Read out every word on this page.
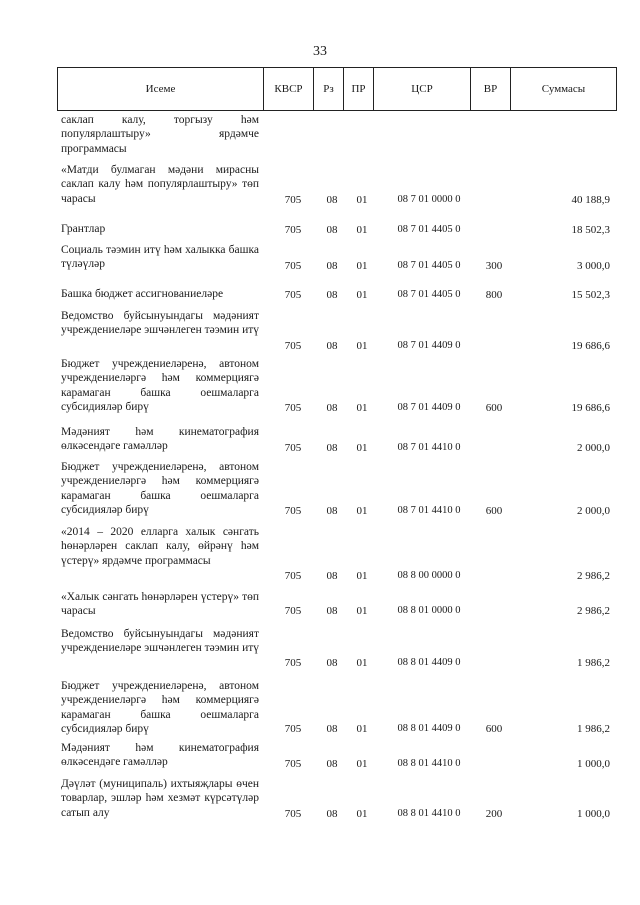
33
Исеме	КВСР	Рз	ПР	ЦСР	ВР	Суммасы
саклап калу, торгызу һәм популярлаштыру» ярдәмче программасы
«Матди булмаган мәдәни мирасны саклап калу һәм популярлаштыру» төп чарасы	705	08	01	08 7 01 0000 0	40 188,9
Грантлар	705	08	01	08 7 01 4405 0	18 502,3
Социаль тәэмин итү һәм халыкка башка түләүләр	705	08	01	08 7 01 4405 0	300	3 000,0
Башка бюджет ассигнованиеләре	705	08	01	08 7 01 4405 0	800	15 502,3
Ведомство буйсынуындагы мәдәният учреждениеләре эшчәнлеген тәэмин итү
705	08	01	08 7 01 4409 0	19 686,6
Бюджет учреждениеләренә, автоном учреждениеләргә һәм коммерциягә карамаган башка оешмаларга субсидияләр бирү	705	08	01	08 7 01 4409 0	600	19 686,6
Мәдәният һәм кинематография өлкәсендәге гамәлләр	705	08	01	08 7 01 4410 0	2 000,0
Бюджет учреждениеләренә, автоном учреждениеләргә һәм коммерциягә карамаган башка оешмаларга субсидияләр бирү	705	08	01	08 7 01 4410 0	600	2 000,0
«2014 – 2020 елларга халык сәнгать һөнәрләрен саклап калу, өйрәнү һәм үстерү» ярдәмче программасы
705	08	01	08 8 00 0000 0	2 986,2
«Халык сәнгать һөнәрләрен үстерү» төп чарасы	705	08	01	08 8 01 0000 0	2 986,2
Ведомство буйсынуындагы мәдәният учреждениеләре эшчәнлеген тәэмин итү
705	08	01	08 8 01 4409 0	1 986,2
Бюджет учреждениеләренә, автоном учреждениеләргә һәм коммерциягә карамаган башка оешмаларга субсидияләр бирү	705	08	01	08 8 01 4409 0	600	1 986,2
Мәдәният һәм кинематография өлкәсендәге гамәлләр	705	08	01	08 8 01 4410 0	1 000,0
Дәүләт (муниципаль) ихтыяҗлары өчен товарлар, эшләр һәм хезмәт күрсәтүләр сатып алу	705	08	01	08 8 01 4410 0	200	1 000,0
